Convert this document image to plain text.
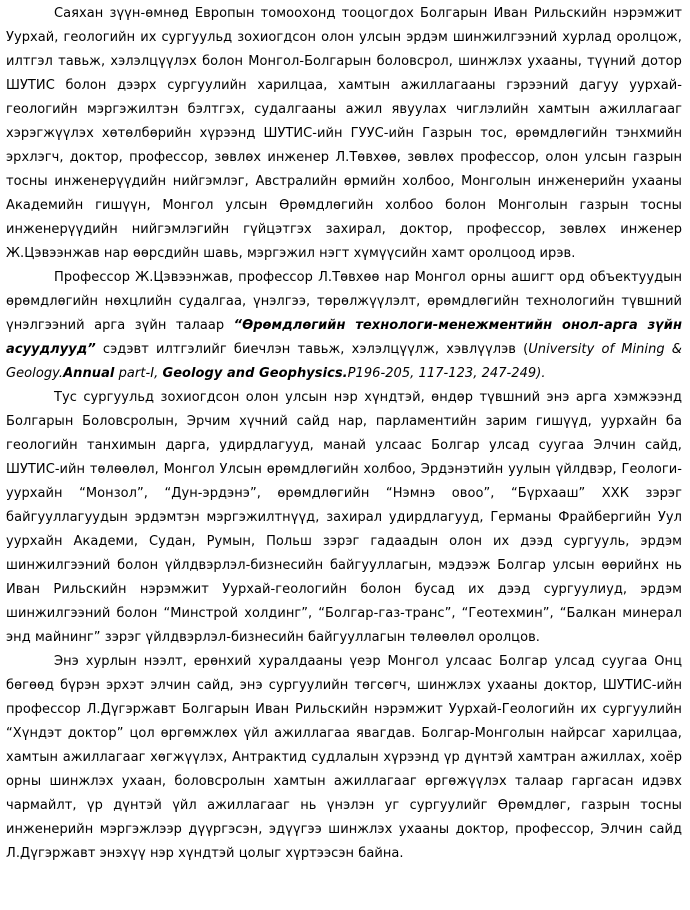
Саяхан зүүн-өмнөд Европын томоохонд тооцогдох Болгарын Иван Рильскийн нэрэмжит Уурхай, геологийн их сургуульд зохиогдсон олон улсын эрдэм шинжилгээний хурлад оролцож, илтгэл тавьж, хэлэлцүүлэх болон Монгол-Болгарын боловсрол, шинжлэх ухааны, түүний дотор ШУТИС болон дээрх сургуулийн харилцаа, хамтын ажиллагааны гэрээний дагуу уурхай-геологийн мэргэжилтэн бэлтгэх, судалгааны ажил явуулах чиглэлийн хамтын ажиллагааг хэрэгжүүлэх хөтөлбөрийн хүрээнд ШУТИС-ийн ГУУС-ийн Газрын тос, өрөмдлөгийн тэнхмийн эрхлэгч, доктор, профессор, зөвлөх инженер Л.Төвхөө, зөвлөх профессор, олон улсын газрын тосны инженерүүдийн нийгэмлэг, Австралийн өрмийн холбоо, Монголын инженерийн ухааны Академийн гишүүн, Монгол улсын Өрөмдлөгийн холбоо болон Монголын газрын тосны инженерүүдийн нийгэмлэгийн гүйцэтгэх захирал, доктор, профессор, зөвлөх инженер Ж.Цэвээнжав нар өөрсдийн шавь, мэргэжил нэгт хүмүүсийн хамт оролцоод ирэв.

Профессор Ж.Цэвээнжав, профессор Л.Төвхөө нар Монгол орны ашигт орд объектуудын өрөмдлөгийн нөхцлийн судалгаа, үнэлгээ, төрөлжүүлэлт, өрөмдлөгийн технологийн түвшний үнэлгээний арга зүйн талаар “Өрөмдлөгийн технологи-менежментийн онол-арга зүйн асуудлууд” сэдэвт илтгэлийг биечлэн тавьж, хэлэлцүүлж, хэвлүүлэв (University of Mining & Geology.Annual part-I, Geology and Geophysics.P196-205, 117-123, 247-249).

Тус сургуульд зохиогдсон олон улсын нэр хүндтэй, өндөр түвшний энэ арга хэмжээнд Болгарын Боловсролын, Эрчим хүчний сайд нар, парламентийн зарим гишүүд, уурхайн ба геологийн танхимын дарга, удирдлагууд, манай улсаас Болгар улсад суугаа Элчин сайд, ШУТИС-ийн төлөөлөл, Монгол Улсын өрөмдлөгийн холбоо, Эрдэнэтийн уулын үйлдвэр, Геологи-уурхайн “Монзол”, “Дун-эрдэнэ”, өрөмдлөгийн “Нэмнэ овоо”, “Бүрхааш” ХХК зэрэг байгууллагуудын эрдэмтэн мэргэжилтнүүд, захирал удирдлагууд, Германы Фрайбергийн Уул уурхайн Академи, Судан, Румын, Польш зэрэг гадаадын олон их дээд сургууль, эрдэм шинжилгээний болон үйлдвэрлэл-бизнесийн байгууллагын, мэдээж Болгар улсын өөрийнх нь Иван Рильскийн нэрэмжит Уурхай-геологийн болон бусад их дээд сургуулиуд, эрдэм шинжилгээний болон “Минстрой холдинг”, “Болгар-газ-транс”, “Геотехмин”, “Балкан минерал энд майнинг” зэрэг үйлдвэрлэл-бизнесийн байгууллагын төлөөлөл оролцов.

Энэ хурлын нээлт, ерөнхий хуралдааны үеэр Монгол улсаас Болгар улсад суугаа Онц бөгөөд бүрэн эрхэт элчин сайд, энэ сургуулийн төгсөгч, шинжлэх ухааны доктор, ШУТИС-ийн профессор Л.Дүгэржавт Болгарын Иван Рильскийн нэрэмжит Уурхай-Геологийн их сургуулийн “Хүндэт доктор” цол өргөмжлөх үйл ажиллагаа явагдав. Болгар-Монголын найрсаг харилцаа, хамтын ажиллагааг хөгжүүлэх, Антрактид судлалын хүрээнд үр дүнтэй хамтран ажиллах, хоёр орны шинжлэх ухаан, боловсролын хамтын ажиллагааг өргөжүүлэх талаар гаргасан идэвх чармайлт, үр дүнтэй үйл ажиллагааг нь үнэлэн уг сургуулийг Өрөмдлөг, газрын тосны инженерийн мэргэжлээр дүүргэсэн, эдүүгээ шинжлэх ухааны доктор, профессор, Элчин сайд Л.Дүгэржавт энэхүү нэр хүндтэй цолыг хүртээсэн байна.
